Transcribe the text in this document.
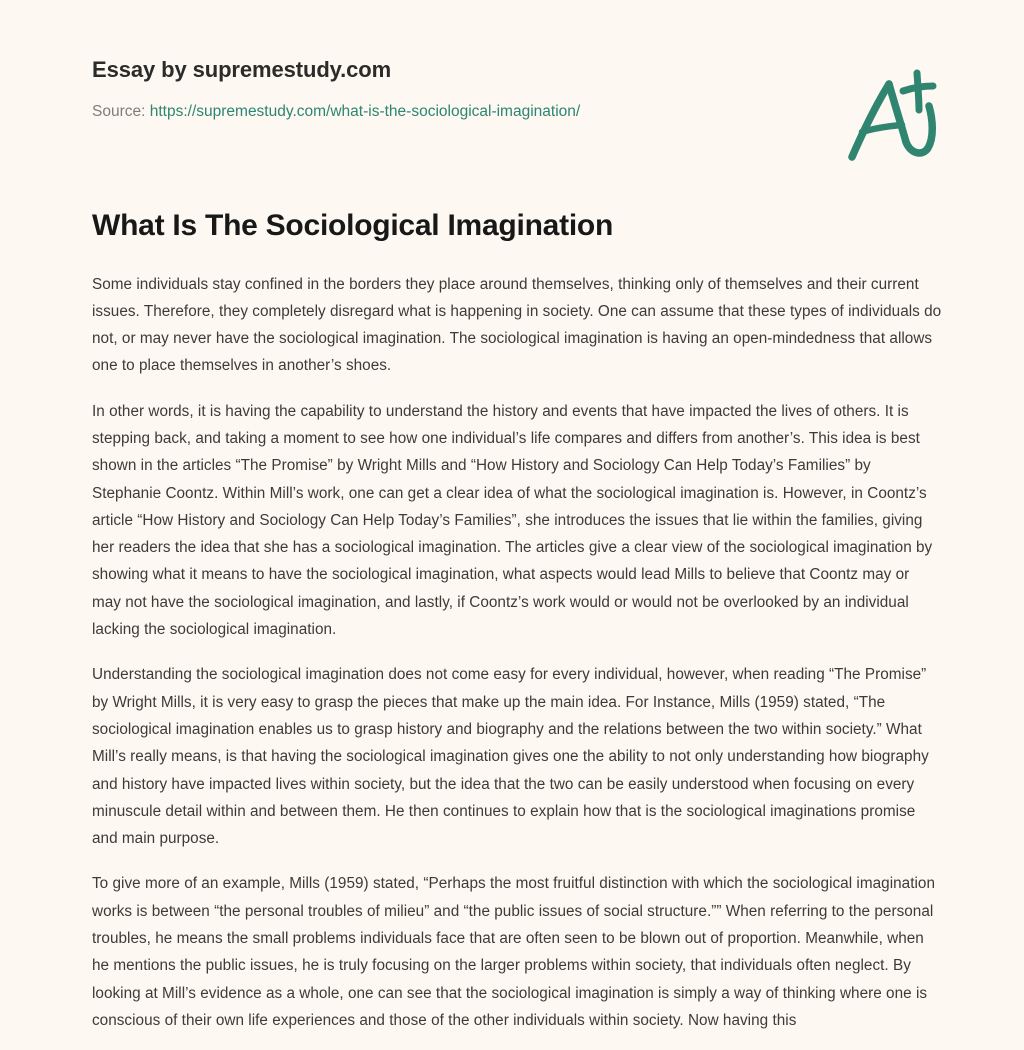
Essay by supremestudy.com
Source: https://supremestudy.com/what-is-the-sociological-imagination/
What Is The Sociological Imagination

Some individuals stay confined in the borders they place around themselves, thinking only of themselves and their current issues. Therefore, they completely disregard what is happening in society. One can assume that these types of individuals do not, or may never have the sociological imagination. The sociological imagination is having an open-mindedness that allows one to place themselves in another’s shoes.

In other words, it is having the capability to understand the history and events that have impacted the lives of others. It is stepping back, and taking a moment to see how one individual’s life compares and differs from another’s. This idea is best shown in the articles “The Promise” by Wright Mills and “How History and Sociology Can Help Today’s Families” by Stephanie Coontz. Within Mill’s work, one can get a clear idea of what the sociological imagination is. However, in Coontz’s article “How History and Sociology Can Help Today’s Families”, she introduces the issues that lie within the families, giving her readers the idea that she has a sociological imagination. The articles give a clear view of the sociological imagination by showing what it means to have the sociological imagination, what aspects would lead Mills to believe that Coontz may or may not have the sociological imagination, and lastly, if Coontz’s work would or would not be overlooked by an individual lacking the sociological imagination.

Understanding the sociological imagination does not come easy for every individual, however, when reading “The Promise” by Wright Mills, it is very easy to grasp the pieces that make up the main idea. For Instance, Mills (1959) stated, “The sociological imagination enables us to grasp history and biography and the relations between the two within society.” What Mill’s really means, is that having the sociological imagination gives one the ability to not only understanding how biography and history have impacted lives within society, but the idea that the two can be easily understood when focusing on every minuscule detail within and between them. He then continues to explain how that is the sociological imaginations promise and main purpose.

To give more of an example, Mills (1959) stated, “Perhaps the most fruitful distinction with which the sociological imagination works is between “the personal troubles of milieu” and “the public issues of social structure.”” When referring to the personal troubles, he means the small problems individuals face that are often seen to be blown out of proportion. Meanwhile, when he mentions the public issues, he is truly focusing on the larger problems within society, that individuals often neglect. By looking at Mill’s evidence as a whole, one can see that the sociological imagination is simply a way of thinking where one is conscious of their own life experiences and those of the other individuals within society. Now having this
